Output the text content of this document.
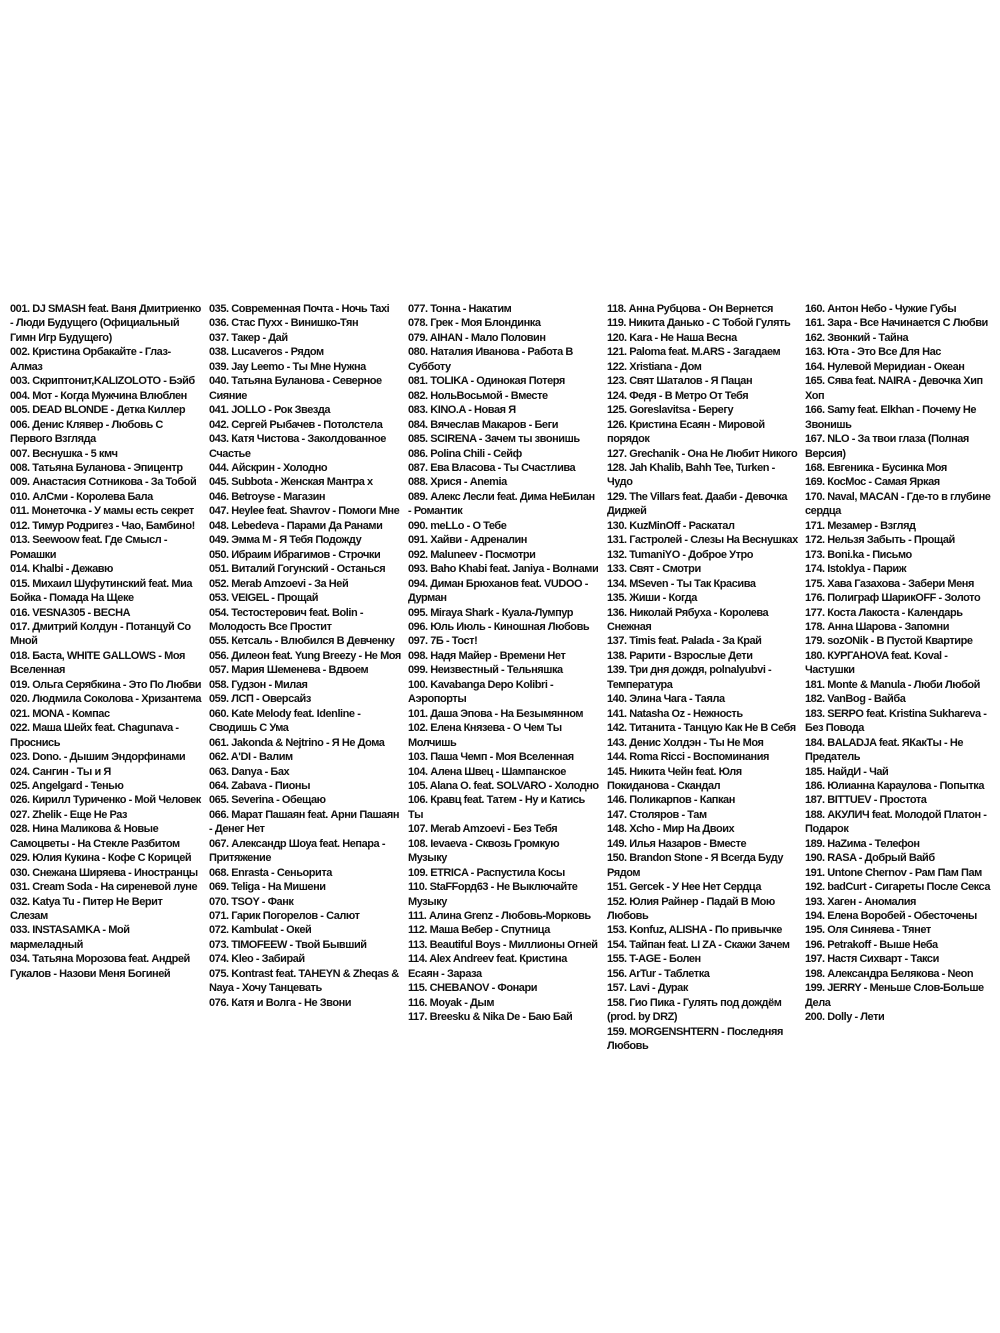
001. DJ SMASH feat. Ваня Дмитриенко - Люди Будущего (Официальный Гимн Игр Будущего)

002. Кристина Орбакайте - Глаз-Алмаз

003. Скриптонит,KALIZOLOTO - Бэйб

004. Мот - Когда Мужчина Влюблен

005. DEAD BLONDE - Детка Киллер

006. Денис Клявер - Любовь С Первого Взгляда

007. Веснушка - 5 кмч

008. Татьяна Буланова - Эпицентр

009. Анастасия Сотникова - За Тобой

010. АлСми - Королева Бала

011. Монеточка - У мамы есть секрет

012. Тимур Родригез - Чао, Бамбино!

013. Seewoow feat. Где Смысл - Ромашки

014. Khalbi - Дежавю

015. Михаил Шуфутинский feat. Миа Бойка - Помада На Щеке

016. VESNA305 - ВЕСНА

017. Дмитрий Колдун - Потанцуй Со Мной

018. Баста, WHITE GALLOWS - Моя Вселенная

019. Ольга Серябкина - Это По Любви

020. Людмила Соколова - Хризантема

021. MONA - Компас

022. Маша Шейх feat. Chagunava - Проснись

023. Dono. - Дышим Эндорфинами

024. Сангин - Ты и Я

025. Angelgard - Тенью

026. Кирилл Туриченко - Мой Человек

027. Zhelik - Еще Не Раз

028. Нина Маликова & Новые Самоцветы - На Стекле Разбитом

029. Юлия Кукина - Кофе С Корицей

030. Снежана Ширяева - Иностранцы

031. Cream Soda - На сиреневой луне

032. Katya Tu - Питер Не Верит Слезам

033. INSTASAMKA - Мой мармеладный

034. Татьяна Морозова feat. Андрей Гукалов - Назови Меня Богиней

035. Современная Почта - Ночь Taxi

036. Стас Пухх - Винишко-Тян

037. Такер - Дай

038. Lucaveros - Рядом

039. Jay Leemo - Ты Мне Нужна

040. Татьяна Буланова - Северное Сияние

041. JOLLO - Рок Звезда

042. Сергей Рыбачев - Потолстела

043. Катя Чистова - Заколдованное Счастье

044. Айскрин - Холодно

045. Subbota - Женская Мантра х

046. Betroyse - Магазин

047. Heylee feat. Shavrov - Помоги Мне

048. Lebedeva - Парами Да Ранами

049. Эмма М - Я Тебя Подожду

050. Ибраим Ибрагимов - Строчки

051. Виталий Гогунский - Останься

052. Merab Amzoevi - За Ней

053. VEIGEL - Прощай

054. Тестостерович feat. Bolin - Молодость Все Простит

055. Кетсаль - Влюбился В Девченку

056. Дилеон feat. Yung Breezy - Не Моя

057. Мария Шеменева - Вдвоем

058. Гудзон - Милая

059. ЛСП - Оверсайз

060. Kate Melody feat. Idenline - Сводишь С Ума

061. Jakonda & Nejtrino - Я Не Дома

062. A'DI - Валим

063. Danya - Бах

064. Zabava - Пионы

065. Severina - Обещаю

066. Марат Пашаян feat. Арни Пашаян - Денег Нет

067. Александр Шоуа feat. Непара - Притяжение

068. Enrasta - Сеньорита

069. Teliga - На Мишени

070. TSOY - Фанк

071. Гарик Погорелов - Салют

072. Kambulat - Окей

073. TIMOFEEW - Твой Бывший

074. Kleo - Забирай

075. Kontrast feat. TAHEYN & Zheqas & Naya - Хочу Танцевать

076. Катя и Волга - Не Звони

077. Тонна - Накатим

078. Грек - Моя Блондинка

079. AIHAN - Мало Половин

080. Наталия Иванова - Работа В Субботу

081. TOLIKA - Одинокая Потеря

082. НольВосьмой - Вместе

083. KINO.A - Новая Я

084. Вячеслав Макаров - Беги

085. SCIRENA - Зачем ты звонишь

086. Polina Chili - Сейф

087. Ева Власова - Ты Счастлива

088. Хрися - Anemia

089. Алекс Лесли feat. Дима НеБилан - Романтик

090. meLLo - О Тебе

091. Хайви - Адреналин

092. Maluneev - Посмотри

093. Baho Khabi feat. Janiya - Волнами

094. Диман Брюханов feat. VUDOO - Дурман

095. Miraya Shark - Куала-Лумпур

096. Юль Июль - Киношная Любовь

097. 7Б - Тост!

098. Надя Майер - Времени Нет

099. Неизвестный - Тельняшка

100. Kavabanga Depo Kolibri - Аэропорты

101. Даша Эпова - На Безымянном

102. Елена Князева - О Чем Ты Молчишь

103. Паша Чемп - Моя Вселенная

104. Алена Швец - Шампанское

105. Alana O. feat. SOLVARO - Холодно

106. Кравц feat. Татем - Ну и Катись Ты

107. Merab Amzoevi - Без Тебя

108. Ievaeva - Сквозь Громкую Музыку

109. ETRICA - Распустила Косы

110. StaFFорд63 - Не Выключайте Музыку

111. Алина Grenz - Любовь-Морковь

112. Маша Вебер - Спутница

113. Beautiful Boys - Миллионы Огней

114. Alex Andreev feat. Кристина Есаян - Зараза

115. CHEBANOV - Фонари

116. Moyak - Дым

117. Breesku & Nika De - Баю Бай

118. Анна Рубцова - Он Вернется

119. Никита Данько - С Тобой Гулять

120. Kara - Не Наша Весна

121. Paloma feat. M.ARS - Загадаем

122. Xristiana - Дом

123. Свят Шаталов - Я Пацан

124. Федя - В Метро От Тебя

125. Goreslavitsa - Берегу

126. Кристина Есаян - Мировой порядок

127. Grechanik - Она Не Любит Никого

128. Jah Khalib, Bahh Tee, Turken - Чудо

129. The Villars feat. Дааби - Девочка Диджей

130. KuzMinOff - Раскатал

131. Гастролей - Слезы На Веснушках

132. TumaniYO - Доброе Утро

133. Свят - Смотри

134. MSeven - Ты Так Красива

135. Жиши - Когда

136. Николай Рябуха - Королева Снежная

137. Timis feat. Palada - За Край

138. Рарити - Взрослые Дети

139. Три дня дождя, polnalyubvi - Температура

140. Элина Чага - Таяла

141. Natasha Oz - Нежность

142. Титанита - Танцую Как Не В Себя

143. Денис Холдэн - Ты Не Моя

144. Roma Ricci - Воспоминания

145. Никита Чейн feat. Юля Покиданова - Скандал

146. Поликарпов - Капкан

147. Столяров - Там

148. Xcho - Мир На Двоих

149. Илья Назаров - Вместе

150. Brandon Stone - Я Всегда Буду Рядом

151. Gercek - У Нее Нет Сердца

152. Юлия Райнер - Падай В Мою Любовь

153. Konfuz, ALISHA - По привычке

154. Тайпан feat. LI ZA - Скажи Зачем

155. T-AGE - Болен

156. ArTur - Таблетка

157. Lavi - Дурак

158. Гио Пика - Гулять под дождём (prod. by DRZ)

159. MORGENSHTERN - Последняя Любовь

160. Антон Небо - Чужие Губы

161. Зара - Все Начинается С Любви

162. Звонкий - Тайна

163. Юта - Это Все Для Нас

164. Нулевой Меридиан - Океан

165. Сява feat. NAIRA - Девочка Хип Хоп

166. Samy feat. Elkhan - Почему Не Звонишь

167. NLO - За твои глаза (Полная Версия)

168. Евгеника - Бусинка Моя

169. КосМос - Самая Яркая

170. Naval, MACAN - Где-то в глубине сердца

171. Мезамер - Взгляд

172. Нельзя Забыть - Прощай

173. Boni.ka - Письмо

174. Istoklya - Париж

175. Хава Газахова - Забери Меня

176. Полиграф ШарикOFF - Золото

177. Коста Лакоста - Календарь

178. Анна Шарова - Запомни

179. sozONik - В Пустой Квартире

180. КУРГАНOVA feat. Koval - Частушки

181. Monte & Manula - Люби Любой

182. VanBog - Вайба

183. SERPO feat. Kristina Sukhareva - Без Повода

184. BALADJA feat. ЯКакТы - Не Предатель

185. НайдИ - Чай

186. Юлианна Караулова - Попытка

187. BITTUEV - Простота

188. АКУЛИЧ feat. Молодой Платон - Подарок

189. НаZима - Телефон

190. RASA - Добрый Вайб

191. Untone Chernov - Рам Пам Пам

192. badCurt - Сигареты После Секса

193. Хаген - Аномалия

194. Елена Воробей - Обесточены

195. Оля Синяева - Тянет

196. Petrakoff - Выше Неба

197. Настя Сихварт - Такси

198. Александра Белякова - Neon

199. JERRY - Меньше Слов-Больше Дела

200. Dolly - Лети
